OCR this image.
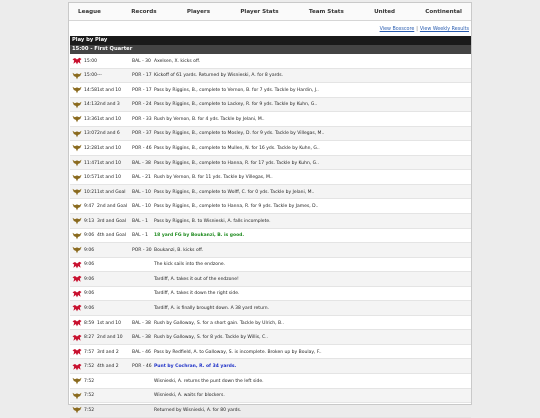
League	Records	Players	Player Stats	Team Stats	United	Continental
View Boxscore | View Weekly Results
Play by Play
15:00 - First Quarter
15:00	BAL - 30 Axelsen, X. kicks off.
15:00 ---	POR - 17 Kickoff of 61 yards. Returned by Wisnieski, A. for 8 yards.
14:58 1st and 10 POR - 17 Pass by Riggins, B., complete to Vernon, B. for 7 yds. Tackle by Hardin, J..
14:13 2nd and 3	POR - 24 Pass by Riggins, B., complete to Lackey, R. for 9 yds. Tackle by Kuhn, G..
13:36 1st and 10 POR - 33 Rush by Vernon, B. for 4 yds. Tackle by Jelani, M..
13:07 2nd and 6	POR - 37 Pass by Riggins, B., complete to Mosley, D. for 9 yds. Tackle by Villegas, M..
12:28 1st and 10 POR - 46 Pass by Riggins, B., complete to Mullen, N. for 16 yds. Tackle by Kuhn, G..
11:47 1st and 10 BAL - 38 Pass by Riggins, B., complete to Hanna, R. for 17 yds. Tackle by Kuhn, G..
10:57 1st and 10 BAL - 21 Rush by Vernon, B. for 11 yds. Tackle by Villegas, M..
10:21 1st and Goal BAL - 10 Pass by Riggins, B., complete to Wolff, C. for 0 yds. Tackle by Jelani, M..
9:47 2nd and Goal BAL - 10 Pass by Riggins, B., complete to Hanna, R. for 9 yds. Tackle by James, D..
9:13 3rd and Goal BAL - 1 Pass by Riggins, B. to Wisnieski, A. falls incomplete.
9:06 4th and Goal BAL - 1 18 yard FG by Boukanzi, B. is good.
9:06	POR - 30 Boukanzi, B. kicks off.
9:06	The kick sails into the endzone.
9:06	Tardiff, A. takes it out of the endzone!
9:06	Tardiff, A. takes it down the right side.
9:06	Tardiff, A. is finally brought down. A 38 yard return.
8:59 1st and 10 BAL - 38 Rush by Galloway, S. for a short gain. Tackle by Ulrich, B..
8:27 2nd and 10 BAL - 38 Rush by Galloway, S. for 8 yds. Tackle by Willis, C..
7:57 3rd and 2	BAL - 46 Pass by Redfield, A. to Galloway, S. is incomplete. Broken up by Boulay, F..
7:52 4th and 2	POR - 46 Punt by Cochran, R. of 34 yards.
7:52	Wisnieski, A. returns the punt down the left side.
7:52	Wisnieski, A. waits for blockers.
7:52	Returned by Wisnieski, A. for 80 yards.
